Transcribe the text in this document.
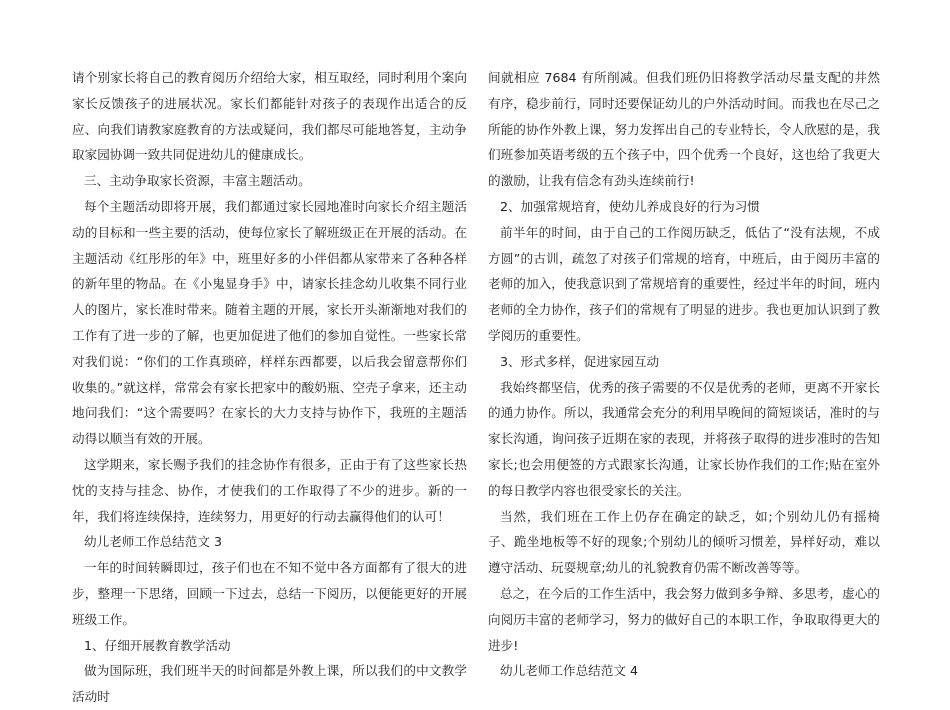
请个别家长将自己的教育阅历介绍给大家，相互取经，同时利用个案向家长反馈孩子的进展状况。家长们都能针对孩子的表现作出适合的反应、向我们请教家庭教育的方法或疑问，我们都尽可能地答复，主动争取家园协调一致共同促进幼儿的健康成长。

三、主动争取家长资源，丰富主题活动。

每个主题活动即将开展，我们都通过家长园地准时向家长介绍主题活动的目标和一些主要的活动，使每位家长了解班级正在开展的活动。在主题活动《红彤彤的年》中，班里好多的小伴侣都从家带来了各种各样的新年里的物品。在《小鬼显身手》中，请家长挂念幼儿收集不同行业人的图片，家长准时带来。随着主题的开展，家长开头渐渐地对我们的工作有了进一步的了解，也更加促进了他们的参加自觉性。一些家长常对我们说：“你们的工作真琐碎，样样东西都要，以后我会留意帮你们收集的。”就这样，常常会有家长把家中的酸奶瓶、空壳子拿来，还主动地问我们：“这个需要吗？在家长的大力支持与协作下，我班的主题活动得以顺当有效的开展。

这学期来，家长赐予我们的挂念协作有很多，正由于有了这些家长热忱的支持与挂念、协作，才使我们的工作取得了不少的进步。新的一年，我们将连续保持，连续努力，用更好的行动去赢得他们的认可！

幼儿老师工作总结范文 3

一年的时间转瞬即过，孩子们也在不知不觉中各方面都有了很大的进步，整理一下思绪，回顾一下过去，总结一下阅历，以便能更好的开展班级工作。

1、仔细开展教育教学活动

做为国际班，我们班半天的时间都是外教上课，所以我们的中文教学活动时

间就相应 7684 有所削减。但我们班仍旧将教学活动尽量支配的井然有序，稳步前行，同时还要保证幼儿的户外活动时间。而我也在尽己之所能的协作外教上课，努力发挥出自己的专业特长，令人欣慰的是，我们班参加英语考级的五个孩子中，四个优秀一个良好，这也给了我更大的激励，让我有信念有劲头连续前行!

2、加强常规培育，使幼儿养成良好的行为习惯

前半年的时间，由于自己的工作阅历缺乏，低估了“没有法规，不成方圆”的古训，疏忽了对孩子们常规的培育，中班后，由于阅历丰富的老师的加入，使我意识到了常规培育的重要性，经过半年的时间，班内老师的全力协作，孩子们的常规有了明显的进步。我也更加认识到了教学阅历的重要性。

3、形式多样，促进家园互动

我始终都坚信，优秀的孩子需要的不仅是优秀的老师，更离不开家长的通力协作。所以，我通常会充分的利用早晚间的简短谈话，准时的与家长沟通，询问孩子近期在家的表现，并将孩子取得的进步准时的告知家长;也会用便签的方式跟家长沟通，让家长协作我们的工作;贴在室外的每日教学内容也很受家长的关注。

当然，我们班在工作上仍存在确定的缺乏，如;个别幼儿仍有摇椅子、跪坐地板等不好的现象;个别幼儿的倾听习惯差，异样好动，难以遵守活动、玩耍规章;幼儿的礼貌教育仍需不断改善等等。

总之，在今后的工作生活中，我会努力做到多争辩、多思考，虚心的向阅历丰富的老师学习，努力的做好自己的本职工作，争取取得更大的进步!

幼儿老师工作总结范文 4
